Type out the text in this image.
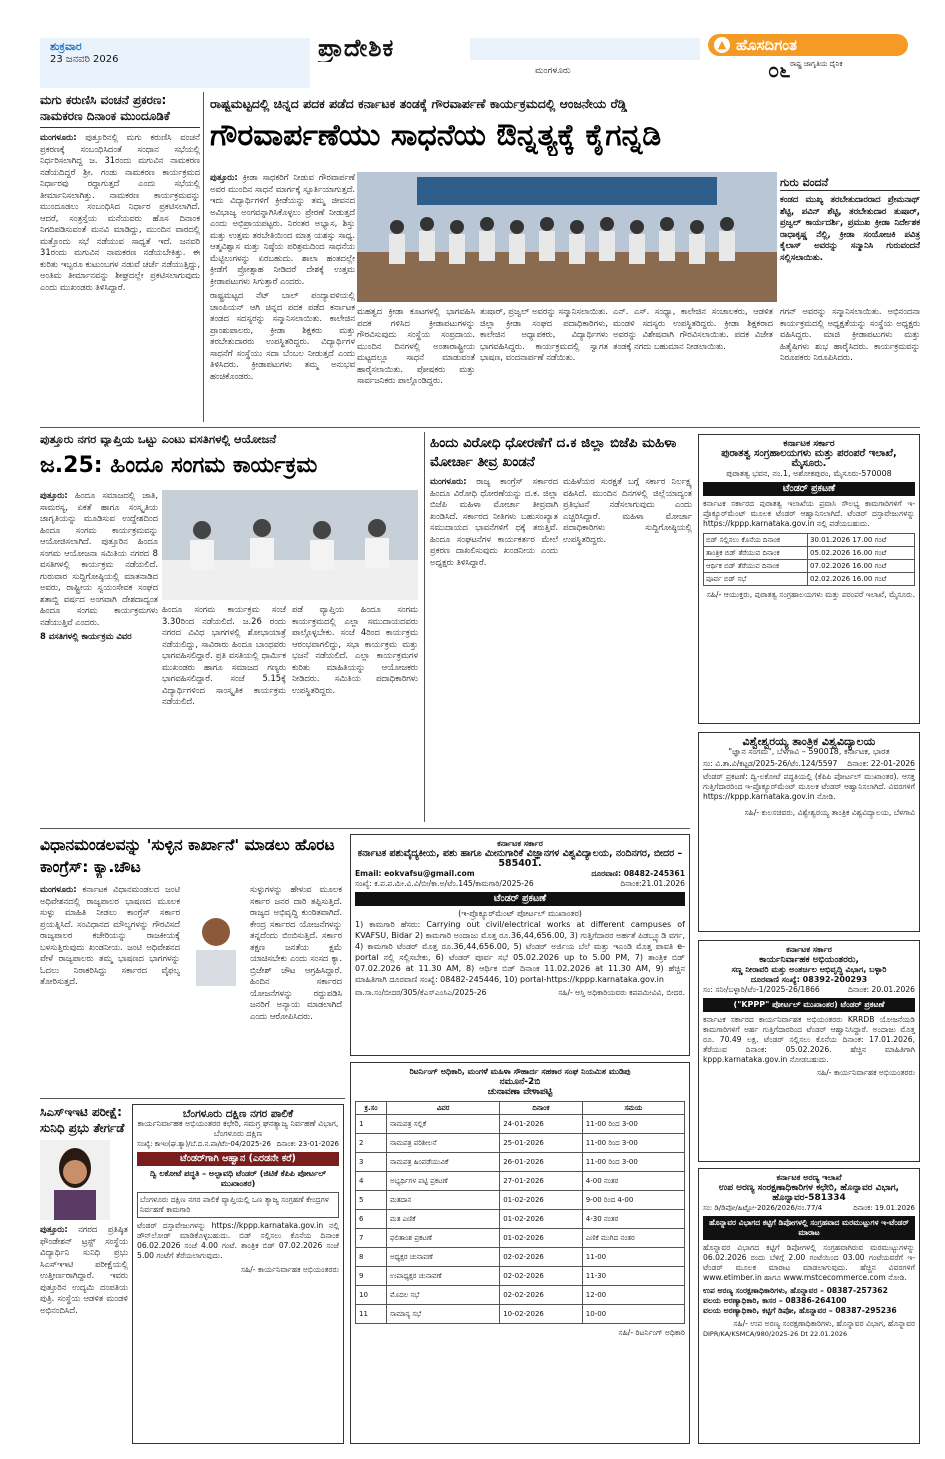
ಶುಕ್ರವಾರ
23 ಜನವರಿ 2026	ಪ್ರಾದೇಶಿಕ
ಮಂಗಳೂರು
▲ ಹೊಸದಿಗಂತ
ರಾಷ್ಟ್ರ ಜಾಗೃತಿಯ ದೈನಿಕ
೦೬
ಮಗು ಕರುಣಿಸಿ ವಂಚನೆ ಪ್ರಕರಣ: ನಾಮಕರಣ ದಿನಾಂಕ ಮುಂದೂಡಿಕೆ
ಮಂಗಳೂರು: ಪುತ್ತೂರಿನಲ್ಲಿ ಮಗು ಕರುಣಿಸಿ ವಂಚನೆ ಪ್ರಕರಣಕ್ಕೆ ಸಂಬಂಧಿಸಿದಂತೆ ಸಂಧಾನ ಸಭೆಯಲ್ಲಿ ನಿರ್ಧರಿಸಲಾಗಿದ್ದ ಜ. 31ರಂದು ಮಗುವಿನ ನಾಮಕರಣ ನಡೆಯದಿದ್ದರೆ ಶ್ರೀ. ಗಂಡು ನಾಮಕರಣ ಕಾರ್ಯಕ್ರಮದ ನಿರ್ಧಾರವು ರದ್ದಾಗುತ್ತದೆ ಎಂದು ಸಭೆಯಲ್ಲಿ ತೀರ್ಮಾನಿಸಲಾಗಿತ್ತು. ನಾಮಕರಣ ಕಾರ್ಯಕ್ರಮವನ್ನು ಮುಂದೂಡಲು ಸಂಬಂಧಿಸಿದ ನಿರ್ಧಾರ ಪ್ರಕಟಿಸಲಾಗಿದೆ. ಆದರೆ, ಸಂತ್ರಸ್ತೆಯ ಮನೆಯವರು ಹೊಸ ದಿನಾಂಕ ನಿಗದಿಪಡಿಸುವಂತೆ ಮನವಿ ಮಾಡಿದ್ದು, ಮುಂದಿನ ವಾರದಲ್ಲಿ ಮತ್ತೊಂದು ಸಭೆ ನಡೆಯುವ ಸಾಧ್ಯತೆ ಇದೆ. ಜನವರಿ 31ರಂದು ಮಗುವಿನ ನಾಮಕರಣ ನಡೆಯಬೇಕಿತ್ತು. ಈ ಕುರಿತು ಇಬ್ಬರೂ ಕುಟುಂಬಗಳ ನಡುವೆ ಚರ್ಚೆ ನಡೆಯುತ್ತಿದ್ದು, ಅಂತಿಮ ತೀರ್ಮಾನವನ್ನು ಶೀಘ್ರದಲ್ಲೇ ಪ್ರಕಟಿಸಲಾಗುವುದು ಎಂದು ಮುಖಂಡರು ತಿಳಿಸಿದ್ದಾರೆ.
ರಾಷ್ಟ್ರಮಟ್ಟದಲ್ಲಿ ಚಿನ್ನದ ಪದಕ ಪಡೆದ ಕರ್ನಾಟಕ ತಂಡಕ್ಕೆ ಗೌರವಾರ್ಪಣೆ ಕಾರ್ಯಕ್ರಮದಲ್ಲಿ ಆಂಜನೇಯ ರೆಡ್ಡಿ
ಗೌರವಾರ್ಪಣೆಯು ಸಾಧನೆಯ ಔನ್ನತ್ಯಕ್ಕೆ ಕೈಗನ್ನಡಿ
ಪುತ್ತೂರು: ಕ್ರೀಡಾ ಸಾಧಕರಿಗೆ ನೀಡುವ ಗೌರವಾರ್ಪಣೆ ಅವರ ಮುಂದಿನ ಸಾಧನೆ ಮಾರ್ಗಕ್ಕೆ ಸ್ಫೂರ್ತಿಯಾಗುತ್ತದೆ. ಇದು ವಿದ್ಯಾರ್ಥಿಗಳಿಗೆ ಕ್ರೀಡೆಯನ್ನು ತಮ್ಮ ಜೀವನದ ಅವಿಭಾಜ್ಯ ಅಂಗವನ್ನಾಗಿಸಿಕೊಳ್ಳಲು ಪ್ರೇರಣೆ ನೀಡುತ್ತದೆ ಎಂದು ಅಭಿಪ್ರಾಯಪಟ್ಟರು. ನಿರಂತರ ಅಭ್ಯಾಸ, ಶಿಸ್ತು ಮತ್ತು ಉತ್ತಮ ತರಬೇತಿಯಿಂದ ಮಾತ್ರ ಯಶಸ್ಸು ಸಾಧ್ಯ. ಆತ್ಮವಿಶ್ವಾಸ ಮತ್ತು ನಿಷ್ಠೆಯ ಪರಿಶ್ರಮದಿಂದ ಸಾಧನೆಯ ಮೆಟ್ಟಿಲುಗಳನ್ನು ಏರಬಹುದು. ಶಾಲಾ ಹಂತದಲ್ಲೇ ಕ್ರೀಡೆಗೆ ಪ್ರೋತ್ಸಾಹ ನೀಡಿದರೆ ದೇಶಕ್ಕೆ ಉತ್ತಮ ಕ್ರೀಡಾಪಟುಗಳು ಸಿಗುತ್ತಾರೆ ಎಂದರು.
ರಾಷ್ಟ್ರಮಟ್ಟದ ನೆಟ್ ಬಾಲ್ ಪಂದ್ಯಾವಳಿಯಲ್ಲಿ ಚಾಂಪಿಯನ್ ಆಗಿ ಚಿನ್ನದ ಪದಕ ಪಡೆದ ಕರ್ನಾಟಕ ತಂಡದ ಸದಸ್ಯರನ್ನು ಸನ್ಮಾನಿಸಲಾಯಿತು. ಕಾಲೇಜಿನ ಪ್ರಾಂಶುಪಾಲರು, ಕ್ರೀಡಾ ಶಿಕ್ಷಕರು ಮತ್ತು ತರಬೇತುದಾರರು ಉಪಸ್ಥಿತರಿದ್ದರು. ವಿದ್ಯಾರ್ಥಿಗಳ ಸಾಧನೆಗೆ ಸಂಸ್ಥೆಯು ಸದಾ ಬೆಂಬಲ ನೀಡುತ್ತದೆ ಎಂದು ತಿಳಿಸಿದರು. ಕ್ರೀಡಾಪಟುಗಳು ತಮ್ಮ ಅನುಭವ ಹಂಚಿಕೊಂಡರು.
ಗುರು ವಂದನೆ
ಕಂಡದ ಮುಖ್ಯ ತರಬೇತುದಾರರಾದ ಪ್ರೇಮನಾಥ್ ಶೆಟ್ಟಿ, ಪವಿನ್ ಶೆಟ್ಟಿ, ತರಬೇತುದಾರ ತುಷಾರ್, ಪ್ರಜ್ವಲ್ ಕಾರ್ಯದರ್ಶಿ, ಪ್ರಮುಖ ಕ್ರೀಡಾ ನಿರ್ದೇಶಕ ರಾಧಾಕೃಷ್ಣ ನೆಲ್ಲಿ, ಕ್ರೀಡಾ ಸಂಯೋಜಕಿ ಪವಿತ್ರ ಕೈಲಾಸ್ ಅವರನ್ನು ಸನ್ಮಾನಿಸಿ ಗುರುವಂದನೆ ಸಲ್ಲಿಸಲಾಯಿತು.
ಮಹತ್ವದ ಕ್ರೀಡಾ ಕೂಟಗಳಲ್ಲಿ ಭಾಗವಹಿಸಿ ಪದಕ ಗಳಿಸಿದ ಕ್ರೀಡಾಪಟುಗಳನ್ನು ಗೌರವಿಸುವುದು ಸಂಸ್ಥೆಯ ಸಂಪ್ರದಾಯ. ಮುಂದಿನ ದಿನಗಳಲ್ಲಿ ಅಂತಾರಾಷ್ಟ್ರೀಯ ಮಟ್ಟದಲ್ಲೂ ಸಾಧನೆ ಮಾಡುವಂತೆ ಹಾರೈಸಲಾಯಿತು. ಪೋಷಕರು ಮತ್ತು ಸಾರ್ವಜನಿಕರು ಪಾಲ್ಗೊಂಡಿದ್ದರು.
ತುಷಾರ್, ಪ್ರಜ್ವಲ್ ಅವರನ್ನು ಸನ್ಮಾನಿಸಲಾಯಿತು. ಜಿಲ್ಲಾ ಕ್ರೀಡಾ ಸಂಘದ ಪದಾಧಿಕಾರಿಗಳು, ಕಾಲೇಜಿನ ಅಧ್ಯಾಪಕರು, ವಿದ್ಯಾರ್ಥಿಗಳು ಭಾಗವಹಿಸಿದ್ದರು. ಕಾರ್ಯಕ್ರಮದಲ್ಲಿ ಸ್ವಾಗತ ಭಾಷಣ, ವಂದನಾರ್ಪಣೆ ನಡೆಯಿತು.
ಎನ್. ಎಸ್. ಸಂಧ್ಯಾ, ಕಾಲೇಜಿನ ಸಂಚಾಲಕರು, ಆಡಳಿತ ಮಂಡಳಿ ಸದಸ್ಯರು ಉಪಸ್ಥಿತರಿದ್ದರು. ಕ್ರೀಡಾ ಶಿಕ್ಷಕರಾದ ಅವರನ್ನು ವಿಶೇಷವಾಗಿ ಗೌರವಿಸಲಾಯಿತು. ಪದಕ ವಿಜೇತ ತಂಡಕ್ಕೆ ನಗದು ಬಹುಮಾನ ನೀಡಲಾಯಿತು.
ಗಗನ್ ಅವರನ್ನು ಸನ್ಮಾನಿಸಲಾಯಿತು. ಅಭಿನಂದನಾ ಕಾರ್ಯಕ್ರಮದಲ್ಲಿ ಅಧ್ಯಕ್ಷತೆಯನ್ನು ಸಂಸ್ಥೆಯ ಅಧ್ಯಕ್ಷರು ವಹಿಸಿದ್ದರು. ಮಾಜಿ ಕ್ರೀಡಾಪಟುಗಳು ಮತ್ತು ಹಿತೈಷಿಗಳು ಶುಭ ಹಾರೈಸಿದರು. ಕಾರ್ಯಕ್ರಮವನ್ನು ನಿರೂಪಕರು ನಿರೂಪಿಸಿದರು.
ಪುತ್ತೂರು ನಗರ ವ್ಯಾಪ್ತಿಯ ಒಟ್ಟು ಎಂಟು ವಸತಿಗಳಲ್ಲಿ ಆಯೋಜನೆ
ಜ.25: ಹಿಂದೂ ಸಂಗಮ ಕಾರ್ಯಕ್ರಮ
ಪುತ್ತೂರು: ಹಿಂದೂ ಸಮಾಜದಲ್ಲಿ ಜಾತಿ, ಸಾಮರಸ್ಯ, ಏಕತೆ ಹಾಗೂ ಸಂಸ್ಕೃತಿಯ ಜಾಗೃತಿಯನ್ನು ಮೂಡಿಸುವ ಉದ್ದೇಶದಿಂದ ಹಿಂದೂ ಸಂಗಮ ಕಾರ್ಯಕ್ರಮವನ್ನು ಆಯೋಜಿಸಲಾಗಿದೆ. ಪುತ್ತೂರಿನ ಹಿಂದೂ ಸಂಗಮ ಆಯೋಜನಾ ಸಮಿತಿಯ ನಗರದ 8 ವಸತಿಗಳಲ್ಲಿ ಕಾರ್ಯಕ್ರಮ ನಡೆಯಲಿದೆ. ಗುರುವಾರ ಸುದ್ದಿಗೋಷ್ಠಿಯಲ್ಲಿ ಮಾತನಾಡಿದ ಅವರು, ರಾಷ್ಟ್ರೀಯ ಸ್ವಯಂಸೇವಕ ಸಂಘದ ಶತಾಬ್ದಿ ವರ್ಷದ ಅಂಗವಾಗಿ ದೇಶದಾದ್ಯಂತ ಹಿಂದೂ ಸಂಗಮ ಕಾರ್ಯಕ್ರಮಗಳು ನಡೆಯುತ್ತಿವೆ ಎಂದರು.
8 ವಸತಿಗಳಲ್ಲಿ ಕಾರ್ಯಕ್ರಮ ವಿವರ
ಹಿಂದೂ ಸಂಗಮ ಕಾರ್ಯಕ್ರಮ ಸಂಜೆ 3.30ರಿಂದ ನಡೆಯಲಿದೆ. ಜ.26 ರಂದು ನಗರದ ವಿವಿಧ ಭಾಗಗಳಲ್ಲಿ ಶೋಭಾಯಾತ್ರೆ ನಡೆಯಲಿದ್ದು, ಸಾವಿರಾರು ಹಿಂದೂ ಬಾಂಧವರು ಭಾಗವಹಿಸಲಿದ್ದಾರೆ. ಪ್ರತಿ ವಸತಿಯಲ್ಲಿ ಧಾರ್ಮಿಕ ಮುಖಂಡರು ಹಾಗೂ ಸಮಾಜದ ಗಣ್ಯರು ಭಾಗವಹಿಸಲಿದ್ದಾರೆ. ಸಂಜೆ 5.15ಕ್ಕೆ ವಿದ್ಯಾರ್ಥಿಗಳಿಂದ ಸಾಂಸ್ಕೃತಿಕ ಕಾರ್ಯಕ್ರಮ ನಡೆಯಲಿದೆ.
ಪಡೆ ವ್ಯಾಪ್ತಿಯ ಹಿಂದೂ ಸಂಗಮ ಕಾರ್ಯಕ್ರಮದಲ್ಲಿ ಎಲ್ಲಾ ಸಮುದಾಯದವರು ಪಾಲ್ಗೊಳ್ಳಬೇಕು. ಸಂಜೆ 4ರಿಂದ ಕಾರ್ಯಕ್ರಮ ಆರಂಭವಾಗಲಿದ್ದು, ಸಭಾ ಕಾರ್ಯಕ್ರಮ ಮತ್ತು ಭಜನೆ ನಡೆಯಲಿದೆ. ಎಲ್ಲಾ ಕಾರ್ಯಕ್ರಮಗಳ ಕುರಿತು ಮಾಹಿತಿಯನ್ನು ಆಯೋಜಕರು ನೀಡಿದರು. ಸಮಿತಿಯ ಪದಾಧಿಕಾರಿಗಳು ಉಪಸ್ಥಿತರಿದ್ದರು.
ಹಿಂದು ವಿರೋಧಿ ಧೋರಣೆಗೆ ದ.ಕ ಜಿಲ್ಲಾ ಬಿಜೆಪಿ ಮಹಿಳಾ ಮೋರ್ಚಾ ತೀವ್ರ ಖಂಡನೆ
ಮಂಗಳೂರು: ರಾಜ್ಯ ಕಾಂಗ್ರೆಸ್ ಸರ್ಕಾರದ ಹಿಂದೂ ವಿರೋಧಿ ಧೋರಣೆಯನ್ನು ದ.ಕ. ಜಿಲ್ಲಾ ಬಿಜೆಪಿ ಮಹಿಳಾ ಮೋರ್ಚಾ ತೀವ್ರವಾಗಿ ಖಂಡಿಸಿದೆ. ಸರ್ಕಾರದ ನೀತಿಗಳು ಬಹುಸಂಖ್ಯಾತ ಸಮುದಾಯದ ಭಾವನೆಗಳಿಗೆ ಧಕ್ಕೆ ತರುತ್ತಿವೆ. ಹಿಂದೂ ಸಂಘಟನೆಗಳ ಕಾರ್ಯಕರ್ತರ ಮೇಲೆ ಪ್ರಕರಣ ದಾಖಲಿಸುವುದು ಖಂಡನೀಯ ಎಂದು ಅಧ್ಯಕ್ಷರು ತಿಳಿಸಿದ್ದಾರೆ.
ಮಹಿಳೆಯರ ಸುರಕ್ಷತೆ ಬಗ್ಗೆ ಸರ್ಕಾರ ನಿರ್ಲಕ್ಷ್ಯ ವಹಿಸಿದೆ. ಮುಂದಿನ ದಿನಗಳಲ್ಲಿ ಜಿಲ್ಲೆಯಾದ್ಯಂತ ಪ್ರತಿಭಟನೆ ನಡೆಸಲಾಗುವುದು ಎಂದು ಎಚ್ಚರಿಸಿದ್ದಾರೆ. ಮಹಿಳಾ ಮೋರ್ಚಾ ಪದಾಧಿಕಾರಿಗಳು ಸುದ್ದಿಗೋಷ್ಠಿಯಲ್ಲಿ ಉಪಸ್ಥಿತರಿದ್ದರು.
ಕರ್ನಾಟಕ ಸರ್ಕಾರ
ಪುರಾತತ್ವ ಸಂಗ್ರಹಾಲಯಗಳು ಮತ್ತು ಪರಂಪರೆ ಇಲಾಖೆ, ಮೈಸೂರು.
ಪುರಾತತ್ವ ಭವನ, ನಂ.1, ಅಶೋಕಪುರಂ, ಮೈಸೂರು-570008
ಟೆಂಡರ್ ಪ್ರಕಟಣೆ
ಕರ್ನಾಟಕ ಸರ್ಕಾರದ ಪುರಾತತ್ವ ಇಲಾಖೆಯ ಪ್ರವಾಸಿ ಸೌಲಭ್ಯ ಕಾಮಗಾರಿಗಳಿಗೆ ಇ-ಪ್ರೊಕ್ಯೂರ್‌ಮೆಂಟ್ ಮೂಲಕ ಟೆಂಡರ್ ಆಹ್ವಾನಿಸಲಾಗಿದೆ. ಟೆಂಡರ್ ದಸ್ತಾವೇಜುಗಳನ್ನು https://kppp.karnataka.gov.in ನಲ್ಲಿ ಪಡೆಯಬಹುದು.
ಬಿಡ್ ಸಲ್ಲಿಸಲು ಕೊನೆಯ ದಿನಾಂಕ	30.01.2026 17.00 ಗಂಟೆ
ತಾಂತ್ರಿಕ ಬಿಡ್ ತೆರೆಯುವ ದಿನಾಂಕ	05.02.2026 16.00 ಗಂಟೆ
ಆರ್ಥಿಕ ಬಿಡ್ ತೆರೆಯುವ ದಿನಾಂಕ	07.02.2026 16.00 ಗಂಟೆ
ಪೂರ್ವ ಬಿಡ್ ಸಭೆ	02.02.2026 16.00 ಗಂಟೆ
ಸಹಿ/- ಆಯುಕ್ತರು, ಪುರಾತತ್ವ ಸಂಗ್ರಹಾಲಯಗಳು ಮತ್ತು ಪರಂಪರೆ ಇಲಾಖೆ, ಮೈಸೂರು.
ವಿಶ್ವೇಶ್ವರಯ್ಯ ತಾಂತ್ರಿಕ ವಿಶ್ವವಿದ್ಯಾಲಯ
"ಜ್ಞಾನ ಸಂಗಮ", ಬೆಳಗಾವಿ – 590018, ಕರ್ನಾಟಕ, ಭಾರತ
ಸಂ: ವಿ.ತಾ.ವಿ/ಕಟ್ಟಡ/2025-26/ಟೆಂ.124/5597 ದಿನಾಂಕ: 22-01-2026
ಟೆಂಡರ್ ಪ್ರಕಟಣೆ: ದ್ವಿ-ಲಕೋಟೆ ಪದ್ಧತಿಯಲ್ಲಿ (ಕೆಪಿಪಿ ಪೋರ್ಟಲ್ ಮುಖಾಂತರ). ಆಸಕ್ತ ಗುತ್ತಿಗೆದಾರರಿಂದ ಇ-ಪ್ರೊಕ್ಯೂರ್‌ಮೆಂಟ್ ಮೂಲಕ ಟೆಂಡರ್ ಆಹ್ವಾನಿಸಲಾಗಿದೆ. ವಿವರಗಳಿಗೆ https://kppp.karnataka.gov.in ನೋಡಿ.
ಸಹಿ/- ಕುಲಸಚಿವರು, ವಿಶ್ವೇಶ್ವರಯ್ಯ ತಾಂತ್ರಿಕ ವಿಶ್ವವಿದ್ಯಾಲಯ, ಬೆಳಗಾವಿ
ವಿಧಾನಮಂಡಲವನ್ನು 'ಸುಳ್ಳಿನ ಕಾರ್ಖಾನೆ' ಮಾಡಲು ಹೊರಟ ಕಾಂಗ್ರೆಸ್: ಕ್ಯಾ.ಚೌಟ
ಮಂಗಳೂರು: ಕರ್ನಾಟಕ ವಿಧಾನಮಂಡಲದ ಜಂಟಿ ಅಧಿವೇಶನದಲ್ಲಿ ರಾಜ್ಯಪಾಲರ ಭಾಷಣದ ಮೂಲಕ ಸುಳ್ಳು ಮಾಹಿತಿ ನೀಡಲು ಕಾಂಗ್ರೆಸ್ ಸರ್ಕಾರ ಪ್ರಯತ್ನಿಸಿದೆ. ಸಂವಿಧಾನದ ಮೌಲ್ಯಗಳನ್ನು ಗೌರವಿಸದೆ ರಾಜ್ಯಪಾಲರ ಕಚೇರಿಯನ್ನು ರಾಜಕೀಯಕ್ಕೆ ಬಳಸುತ್ತಿರುವುದು ಖಂಡನೀಯ. ಜಂಟಿ ಅಧಿವೇಶನದ ವೇಳೆ ರಾಜ್ಯಪಾಲರು ತಮ್ಮ ಭಾಷಣದ ಭಾಗಗಳನ್ನು ಓದಲು ನಿರಾಕರಿಸಿದ್ದು ಸರ್ಕಾರದ ವೈಫಲ್ಯ ತೋರಿಸುತ್ತದೆ.
ಸುಳ್ಳುಗಳನ್ನು ಹೇಳುವ ಮೂಲಕ ಸರ್ಕಾರ ಜನರ ದಾರಿ ತಪ್ಪಿಸುತ್ತಿದೆ. ರಾಜ್ಯದ ಅಭಿವೃದ್ಧಿ ಕುಂಠಿತವಾಗಿದೆ. ಕೇಂದ್ರ ಸರ್ಕಾರದ ಯೋಜನೆಗಳನ್ನು ತನ್ನದೆಂದು ಬಿಂಬಿಸುತ್ತಿದೆ. ಸರ್ಕಾರ ತಕ್ಷಣ ಜನತೆಯ ಕ್ಷಮೆ ಯಾಚಿಸಬೇಕು ಎಂದು ಸಂಸದ ಕ್ಯಾ. ಬ್ರಿಜೇಶ್ ಚೌಟ ಆಗ್ರಹಿಸಿದ್ದಾರೆ. ಹಿಂದಿನ ಸರ್ಕಾರದ ಯೋಜನೆಗಳನ್ನು ರದ್ದುಪಡಿಸಿ ಜನರಿಗೆ ಅನ್ಯಾಯ ಮಾಡಲಾಗಿದೆ ಎಂದು ಆರೋಪಿಸಿದರು.
ಕರ್ನಾಟಕ ಸರ್ಕಾರ
ಕರ್ನಾಟಕ ಪಶುವೈದ್ಯಕೀಯ, ಪಶು ಹಾಗೂ ಮೀನುಗಾರಿಕೆ ವಿಜ್ಞಾನಗಳ ವಿಶ್ವವಿದ್ಯಾಲಯ, ನಂದಿನಗರ, ಬೀದರ – 585401.
Email: eokvafsu@gmail.com	ದೂರವಾಣಿ: 08482-245361
ಸಂಖ್ಯೆ: ಕ.ಪ.ಪ.ಮೀ.ವಿ.ವಿ/ಬೀ/ಕಾ.ಅ/ಟೆಂ.145/ಕಾಮಗಾರಿ/2025-26	ದಿನಾಂಕ:21.01.2026
ಟೆಂಡರ್ ಪ್ರಕಟಣೆ
(ಇ-ಪ್ರೊಕ್ಯೂರ್‌ಮೆಂಟ್ ಪೋರ್ಟಲ್ ಮುಖಾಂತರ)
1) ಕಾಮಗಾರಿ ಹೆಸರು: Carrying out civil/electrical works at different campuses of KVAFSU, Bidar 2) ಕಾಮಗಾರಿ ಅಂದಾಜು ಮೊತ್ತ ರೂ.36,44,656.00, 3) ಗುತ್ತಿಗೆದಾರರ ಅರ್ಹತೆ ಪಿಡಬ್ಲ್ಯೂಡಿ ವರ್ಗ, 4) ಕಾಮಗಾರಿ ಟೆಂಡರ್ ಮೊತ್ತ ರೂ.36,44,656.00, 5) ಟೆಂಡರ್ ಅರ್ಜಿಯ ಬೆಲೆ ಮತ್ತು ಇಎಂಡಿ ಮೊತ್ತ ಪಾವತಿ e-portal ನಲ್ಲಿ ಸಲ್ಲಿಸಬೇಕು, 6) ಟೆಂಡರ್ ಪೂರ್ವ ಸಭೆ 05.02.2026 up to 5.00 PM, 7) ತಾಂತ್ರಿಕ ಬಿಡ್ 07.02.2026 at 11.30 AM, 8) ಆರ್ಥಿಕ ಬಿಡ್ ದಿನಾಂಕ 11.02.2026 at 11.30 AM, 9) ಹೆಚ್ಚಿನ ಮಾಹಿತಿಗಾಗಿ ದೂರವಾಣಿ ಸಂಖ್ಯೆ: 08482-245446, 10) portal-https://kppp.karnataka.gov.in
ವಾ.ಸಾ.ಸಂ/ಬೀದರ/305/ಕೆಎಸ್ಎಂಸಿಎ/2025-26	ಸಹಿ/- ಆಸ್ತಿ ಅಧಿಕಾರಿಯವರು ಕಪಪಮೀವಿವಿ, ಬೀದರ.
ಕರ್ನಾಟಕ ಸರ್ಕಾರ
ಕಾರ್ಯನಿರ್ವಾಹಕ ಅಭಿಯಂತರರು,
ಸಣ್ಣ ನೀರಾವರಿ ಮತ್ತು ಅಂತರ್ಜಲ ಅಭಿವೃದ್ಧಿ ವಿಭಾಗ, ಬಳ್ಳಾರಿ
ದೂರವಾಣಿ ಸಂಖ್ಯೆ: 08392-200293
ಸಂ: ಸನೀ/ಬಳ್ಳಾರಿ/ಟೆಂ-1/2025-26/1866	ದಿನಾಂಕ: 20.01.2026
("KPPP" ಪೋರ್ಟಲ್ ಮುಖಾಂತರ) ಟೆಂಡರ್ ಪ್ರಕಟಣೆ
ಕರ್ನಾಟಕ ಸರ್ಕಾರದ ಕಾರ್ಯನಿರ್ವಾಹಕ ಅಭಿಯಂತರರು KRRDB ಯೋಜನೆಯಡಿ ಕಾಮಗಾರಿಗಳಿಗೆ ಅರ್ಹ ಗುತ್ತಿಗೆದಾರರಿಂದ ಟೆಂಡರ್ ಆಹ್ವಾನಿಸಿದ್ದಾರೆ. ಅಂದಾಜು ಮೊತ್ತ ರೂ. 70.49 ಲಕ್ಷ. ಟೆಂಡರ್ ಸಲ್ಲಿಸಲು ಕೊನೆಯ ದಿನಾಂಕ: 17.01.2026, ತೆರೆಯುವ ದಿನಾಂಕ: 05.02.2026. ಹೆಚ್ಚಿನ ಮಾಹಿತಿಗಾಗಿ kppp.karnataka.gov.in ನೋಡಬಹುದು.
ಸಹಿ/- ಕಾರ್ಯನಿರ್ವಾಹಕ ಅಭಿಯಂತರರು
ಸಿಎಸ್‌ಇಇಟಿ ಪರೀಕ್ಷೆ: ಸುನಿಧಿ ಪ್ರಭು ತೇರ್ಗಡೆ
ಪುತ್ತೂರು: ನಗರದ ಪ್ರತಿಷ್ಠಿತ ಫೌಂಡೇಶನ್ ಟ್ರಸ್ಟ್ ಸಂಸ್ಥೆಯ ವಿದ್ಯಾರ್ಥಿನಿ ಸುನಿಧಿ ಪ್ರಭು ಸಿಎಸ್‌ಇಇಟಿ ಪರೀಕ್ಷೆಯಲ್ಲಿ ಉತ್ತೀರ್ಣರಾಗಿದ್ದಾರೆ. ಇವರು ಪುತ್ತೂರಿನ ಉದ್ಯಮಿ ದಂಪತಿಯ ಪುತ್ರಿ. ಸಂಸ್ಥೆಯ ಆಡಳಿತ ಮಂಡಳಿ ಅಭಿನಂದಿಸಿದೆ.
ಬೆಂಗಳೂರು ದಕ್ಷಿಣ ನಗರ ಪಾಲಿಕೆ
ಕಾರ್ಯನಿರ್ವಾಹಕ ಅಭಿಯಂತರರ ಕಛೇರಿ, ಸಮಗ್ರ ಘನತ್ಯಾಜ್ಯ ನಿರ್ವಹಣೆ ವಿಭಾಗ, ಬೆಂಗಳೂರು ದಕ್ಷಿಣ
ಸಂಖ್ಯೆ: ಕಾಇಂ(ಘ.ತ್ಯಾ)/ಬೆ.ದ.ನ.ಪಾ/ಟೆಂ-04/2025-26 ದಿನಾಂಕ: 23-01-2026
ಟೆಂಡರ್‌ಗಾಗಿ ಆಹ್ವಾನ (ಎರಡನೇ ಕರೆ)
ದ್ವಿ ಲಕೋಟೆ ಪದ್ಧತಿ – ಅಲ್ಪಾವಧಿ ಟೆಂಡರ್ (ಜಿಟಿಕೆ ಕೆಪಿಪಿ ಪೋರ್ಟಲ್ ಮುಖಾಂತರ)
ಬೆಂಗಳೂರು ದಕ್ಷಿಣ ನಗರ ಪಾಲಿಕೆ ವ್ಯಾಪ್ತಿಯಲ್ಲಿ ಒಣ ತ್ಯಾಜ್ಯ ಸಂಗ್ರಹಣೆ ಕೇಂದ್ರಗಳ ನಿರ್ವಹಣೆ ಕಾಮಗಾರಿ
ಟೆಂಡರ್ ದಸ್ತಾವೇಜುಗಳನ್ನು https://kppp.karnataka.gov.in ನಲ್ಲಿ ಡೌನ್‌ಲೋಡ್ ಮಾಡಿಕೊಳ್ಳಬಹುದು. ಬಿಡ್ ಸಲ್ಲಿಸಲು ಕೊನೆಯ ದಿನಾಂಕ 06.02.2026 ಸಂಜೆ 4.00 ಗಂಟೆ. ತಾಂತ್ರಿಕ ಬಿಡ್ 07.02.2026 ಸಂಜೆ 5.00 ಗಂಟೆಗೆ ತೆರೆಯಲಾಗುವುದು.
ಸಹಿ/- ಕಾರ್ಯನಿರ್ವಾಹಕ ಅಭಿಯಂತರರು
ರಿಟರ್ನಿಂಗ್ ಅಧಿಕಾರಿ, ಮಂಗಳೆ ಮಹಿಳಾ ಸೌಹಾರ್ದ ಸಹಕಾರ ಸಂಘ ನಿಯಮಿತ ಮುಡಿಪು
ನಮೂನೆ-2ಬಿ
ಚುನಾವಣಾ ವೇಳಾಪಟ್ಟಿ
ಕ್ರ.ಸಂ	ವಿವರ	ದಿನಾಂಕ	ಸಮಯ
1	ನಾಮಪತ್ರ ಸಲ್ಲಿಕೆ	24-01-2026	11-00 ರಿಂದ 3-00
2	ನಾಮಪತ್ರ ಪರಿಶೀಲನೆ	25-01-2026	11-00 ರಿಂದ 3-00
3	ನಾಮಪತ್ರ ಹಿಂಪಡೆಯುವಿಕೆ	26-01-2026	11-00 ರಿಂದ 3-00
4	ಅಭ್ಯರ್ಥಿಗಳ ಪಟ್ಟಿ ಪ್ರಕಟಣೆ	27-01-2026	4-00 ನಂತರ
5	ಮತದಾನ	01-02-2026	9-00 ರಿಂದ 4-00
6	ಮತ ಎಣಿಕೆ	01-02-2026	4-30 ನಂತರ
7	ಫಲಿತಾಂಶ ಪ್ರಕಟಣೆ	01-02-2026	ಎಣಿಕೆ ಮುಗಿದ ನಂತರ
8	ಅಧ್ಯಕ್ಷರ ಚುನಾವಣೆ	02-02-2026	11-00
9	ಉಪಾಧ್ಯಕ್ಷರ ಚುನಾವಣೆ	02-02-2026	11-30
10	ಮೊದಲ ಸಭೆ	02-02-2026	12-00
11	ಸಾಮಾನ್ಯ ಸಭೆ	10-02-2026	10-00
ಸಹಿ/- ರಿಟರ್ನಿಂಗ್ ಅಧಿಕಾರಿ
ಕರ್ನಾಟಕ ಅರಣ್ಯ ಇಲಾಖೆ
ಉಪ ಅರಣ್ಯ ಸಂರಕ್ಷಣಾಧಿಕಾರಿಗಳ ಕಛೇರಿ, ಹೊನ್ನಾವರ ವಿಭಾಗ, ಹೊನ್ನಾವರ-581334
ಸಂ: ಡಿ/ಡಿಪೋ/ಹಿಟ್ಟೋ-2026/2026/ನಂ.77/4	ದಿನಾಂಕ: 19.01.2026
ಹೊನ್ನಾವರ ವಿಭಾಗದ ಕಟ್ಟಿಗೆ ಡಿಪೋಗಳಲ್ಲಿ ಸಂಗ್ರಹವಾದ ಮರಮುಟ್ಟುಗಳ ಇ-ಟೆಂಡರ್ ಮಾರಾಟ
ಹೊನ್ನಾವರ ವಿಭಾಗದ ಕಟ್ಟಿಗೆ ಡಿಪೋಗಳಲ್ಲಿ ಸಂಗ್ರಹವಾಗಿರುವ ಮರಮುಟ್ಟುಗಳನ್ನು 06.02.2026 ರಂದು ಬೆಳಿಗ್ಗೆ 2.00 ಗಂಟೆಯಿಂದ 03.00 ಗಂಟೆಯವರೆಗೆ ಇ-ಟೆಂಡರ್ ಮೂಲಕ ಮಾರಾಟ ಮಾಡಲಾಗುವುದು. ಹೆಚ್ಚಿನ ವಿವರಗಳಿಗೆ www.etimber.in ಹಾಗೂ www.mstcecommerce.com ನೋಡಿ.
ಉಪ ಅರಣ್ಯ ಸಂರಕ್ಷಣಾಧಿಕಾರಿಗಳು, ಹೊನ್ನಾವರ – 08387-257362
ವಲಯ ಅರಣ್ಯಾಧಿಕಾರಿ, ಕಾಸರ – 08386-264100
ವಲಯ ಅರಣ್ಯಾಧಿಕಾರಿ, ಕಟ್ಟಿಗೆ ಡಿಪೋ, ಹೊನ್ನಾವರ – 08387-295236
ಸಹಿ/- ಉಪ ಅರಣ್ಯ ಸಂರಕ್ಷಣಾಧಿಕಾರಿಗಳು, ಹೊನ್ನಾವರ ವಿಭಾಗ, ಹೊನ್ನಾವರ
DIPR/KA/KSMCA/980/2025-26 Dt 22.01.2026
